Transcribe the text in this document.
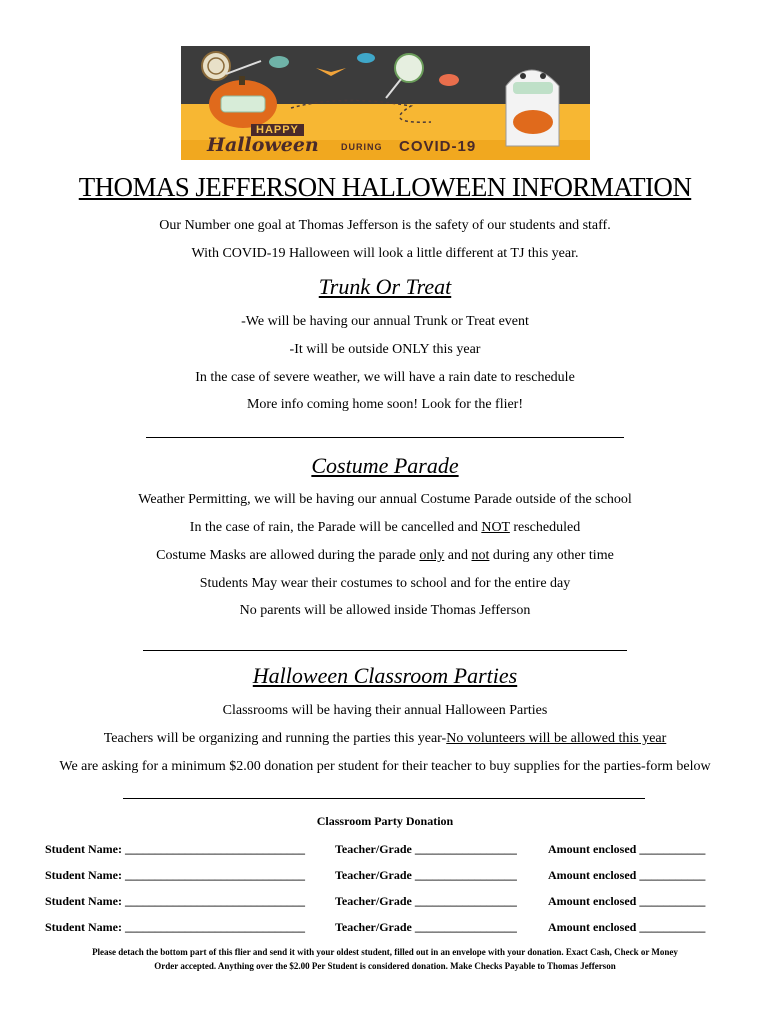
HAPPY
Halloween DURING COVID-19
THOMAS JEFFERSON HALLOWEEN INFORMATION

Our Number one goal at Thomas Jefferson is the safety of our students and staff.

With COVID-19 Halloween will look a little different at TJ this year.

Trunk Or Treat

-We will be having our annual Trunk or Treat event

-It will be outside ONLY this year

In the case of severe weather, we will have a rain date to reschedule

More info coming home soon! Look for the flier!

Costume Parade

Weather Permitting, we will be having our annual Costume Parade outside of the school

In the case of rain, the Parade will be cancelled and NOT rescheduled

Costume Masks are allowed during the parade only and not during any other time

Students May wear their costumes to school and for the entire day

No parents will be allowed inside Thomas Jefferson

Halloween Classroom Parties

Classrooms will be having their annual Halloween Parties

Teachers will be organizing and running the parties this year-No volunteers will be allowed this year

We are asking for a minimum $2.00 donation per student for their teacher to buy supplies for the parties-form below

Classroom Party Donation
Student Name: ______________________________	Teacher/Grade _________________	Amount enclosed ___________
Student Name: ______________________________	Teacher/Grade _________________	Amount enclosed ___________
Student Name: ______________________________	Teacher/Grade _________________	Amount enclosed ___________
Student Name: ______________________________	Teacher/Grade _________________	Amount enclosed ___________
Please detach the bottom part of this flier and send it with your oldest student, filled out in an envelope with your donation. Exact Cash, Check or Money
Order accepted. Anything over the $2.00 Per Student is considered donation. Make Checks Payable to Thomas Jefferson
